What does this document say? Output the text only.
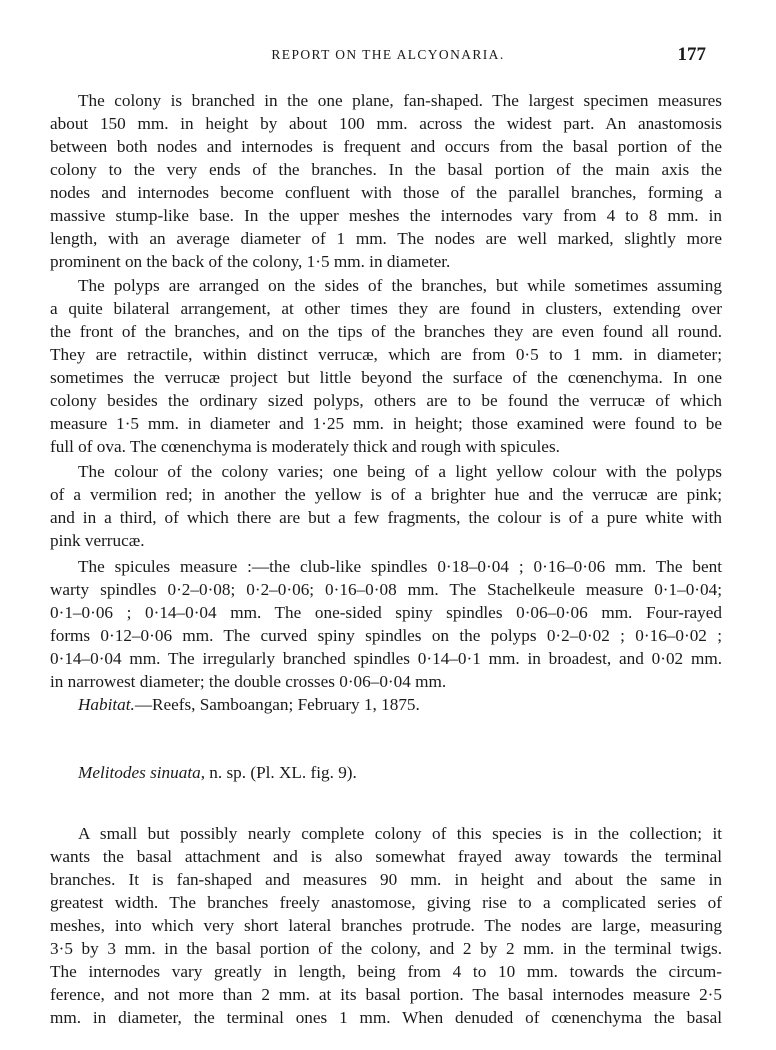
REPORT ON THE ALCYONARIA.	177
The colony is branched in the one plane, fan-shaped. The largest specimen measures
about 150 mm. in height by about 100 mm. across the widest part. An anastomosis
between both nodes and internodes is frequent and occurs from the basal portion of the
colony to the very ends of the branches. In the basal portion of the main axis the
nodes and internodes become confluent with those of the parallel branches, forming a
massive stump-like base. In the upper meshes the internodes vary from 4 to 8 mm. in
length, with an average diameter of 1 mm. The nodes are well marked, slightly more
prominent on the back of the colony, 1·5 mm. in diameter.
The polyps are arranged on the sides of the branches, but while sometimes assuming
a quite bilateral arrangement, at other times they are found in clusters, extending over
the front of the branches, and on the tips of the branches they are even found all round.
They are retractile, within distinct verrucæ, which are from 0·5 to 1 mm. in diameter;
sometimes the verrucæ project but little beyond the surface of the cœnenchyma. In one
colony besides the ordinary sized polyps, others are to be found the verrucæ of which
measure 1·5 mm. in diameter and 1·25 mm. in height; those examined were found to be
full of ova. The cœnenchyma is moderately thick and rough with spicules.
The colour of the colony varies; one being of a light yellow colour with the polyps
of a vermilion red; in another the yellow is of a brighter hue and the verrucæ are pink;
and in a third, of which there are but a few fragments, the colour is of a pure white with
pink verrucæ.
The spicules measure :—the club-like spindles 0·18–0·04 ; 0·16–0·06 mm. The bent
warty spindles 0·2–0·08; 0·2–0·06; 0·16–0·08 mm. The Stachelkeule measure 0·1–0·04;
0·1–0·06 ; 0·14–0·04 mm. The one-sided spiny spindles 0·06–0·06 mm. Four-rayed
forms 0·12–0·06 mm. The curved spiny spindles on the polyps 0·2–0·02 ; 0·16–0·02 ;
0·14–0·04 mm. The irregularly branched spindles 0·14–0·1 mm. in broadest, and 0·02 mm.
in narrowest diameter; the double crosses 0·06–0·04 mm.
Habitat.—Reefs, Samboangan; February 1, 1875.
Melitodes sinuata, n. sp. (Pl. XL. fig. 9).
A small but possibly nearly complete colony of this species is in the collection; it
wants the basal attachment and is also somewhat frayed away towards the terminal
branches. It is fan-shaped and measures 90 mm. in height and about the same in
greatest width. The branches freely anastomose, giving rise to a complicated series of
meshes, into which very short lateral branches protrude. The nodes are large, measuring
3·5 by 3 mm. in the basal portion of the colony, and 2 by 2 mm. in the terminal twigs.
The internodes vary greatly in length, being from 4 to 10 mm. towards the circum-
ference, and not more than 2 mm. at its basal portion. The basal internodes measure 2·5
mm. in diameter, the terminal ones 1 mm. When denuded of cœnenchyma the basal
